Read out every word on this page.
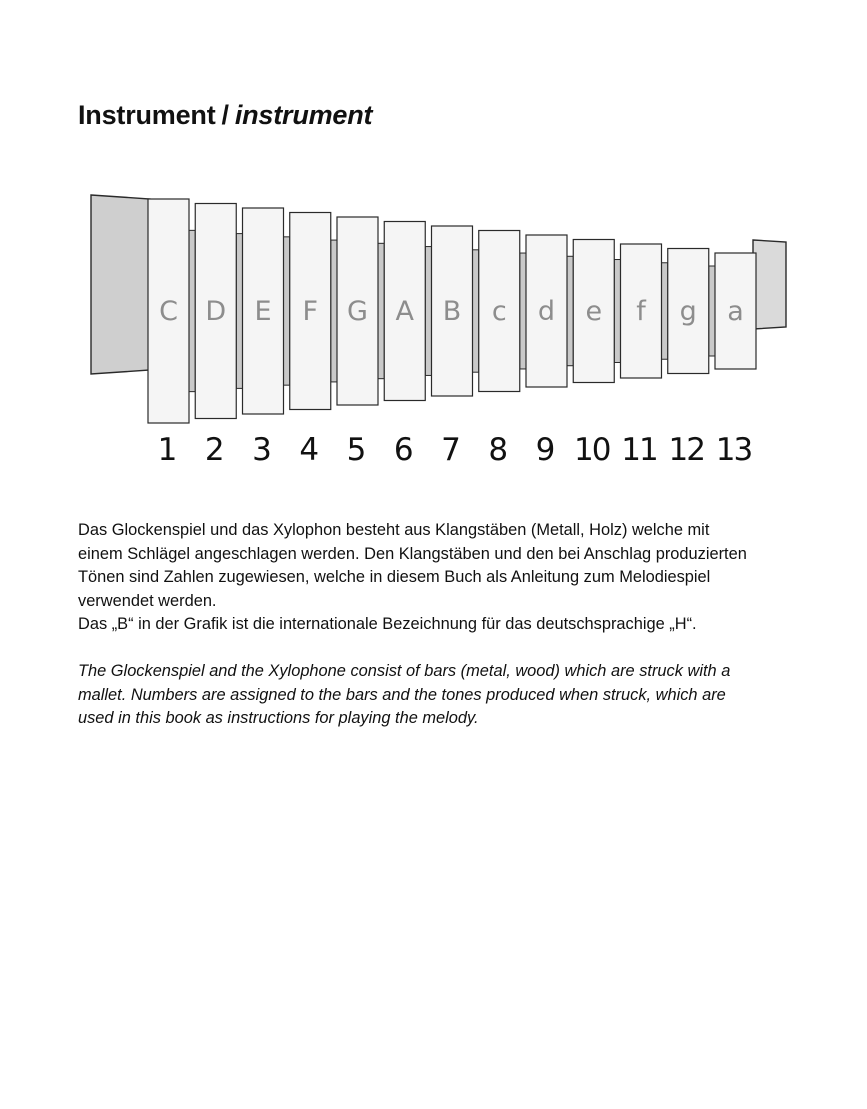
Instrument / instrument
C D E F G A B c d e f g a
1 2 3 4 5 6 7 8 9 10 11 12 13

Das Glockenspiel und das Xylophon besteht aus Klangstäben (Metall, Holz) welche mit

einem Schlägel angeschlagen werden. Den Klangstäben und den bei Anschlag produzierten

Tönen sind Zahlen zugewiesen, welche in diesem Buch als Anleitung zum Melodiespiel

verwendet werden.

Das „B“ in der Grafik ist die internationale Bezeichnung für das deutschsprachige „H“.

The Glockenspiel and the Xylophone consist of bars (metal, wood) which are struck with a

mallet. Numbers are assigned to the bars and the tones produced when struck, which are

used in this book as instructions for playing the melody.
